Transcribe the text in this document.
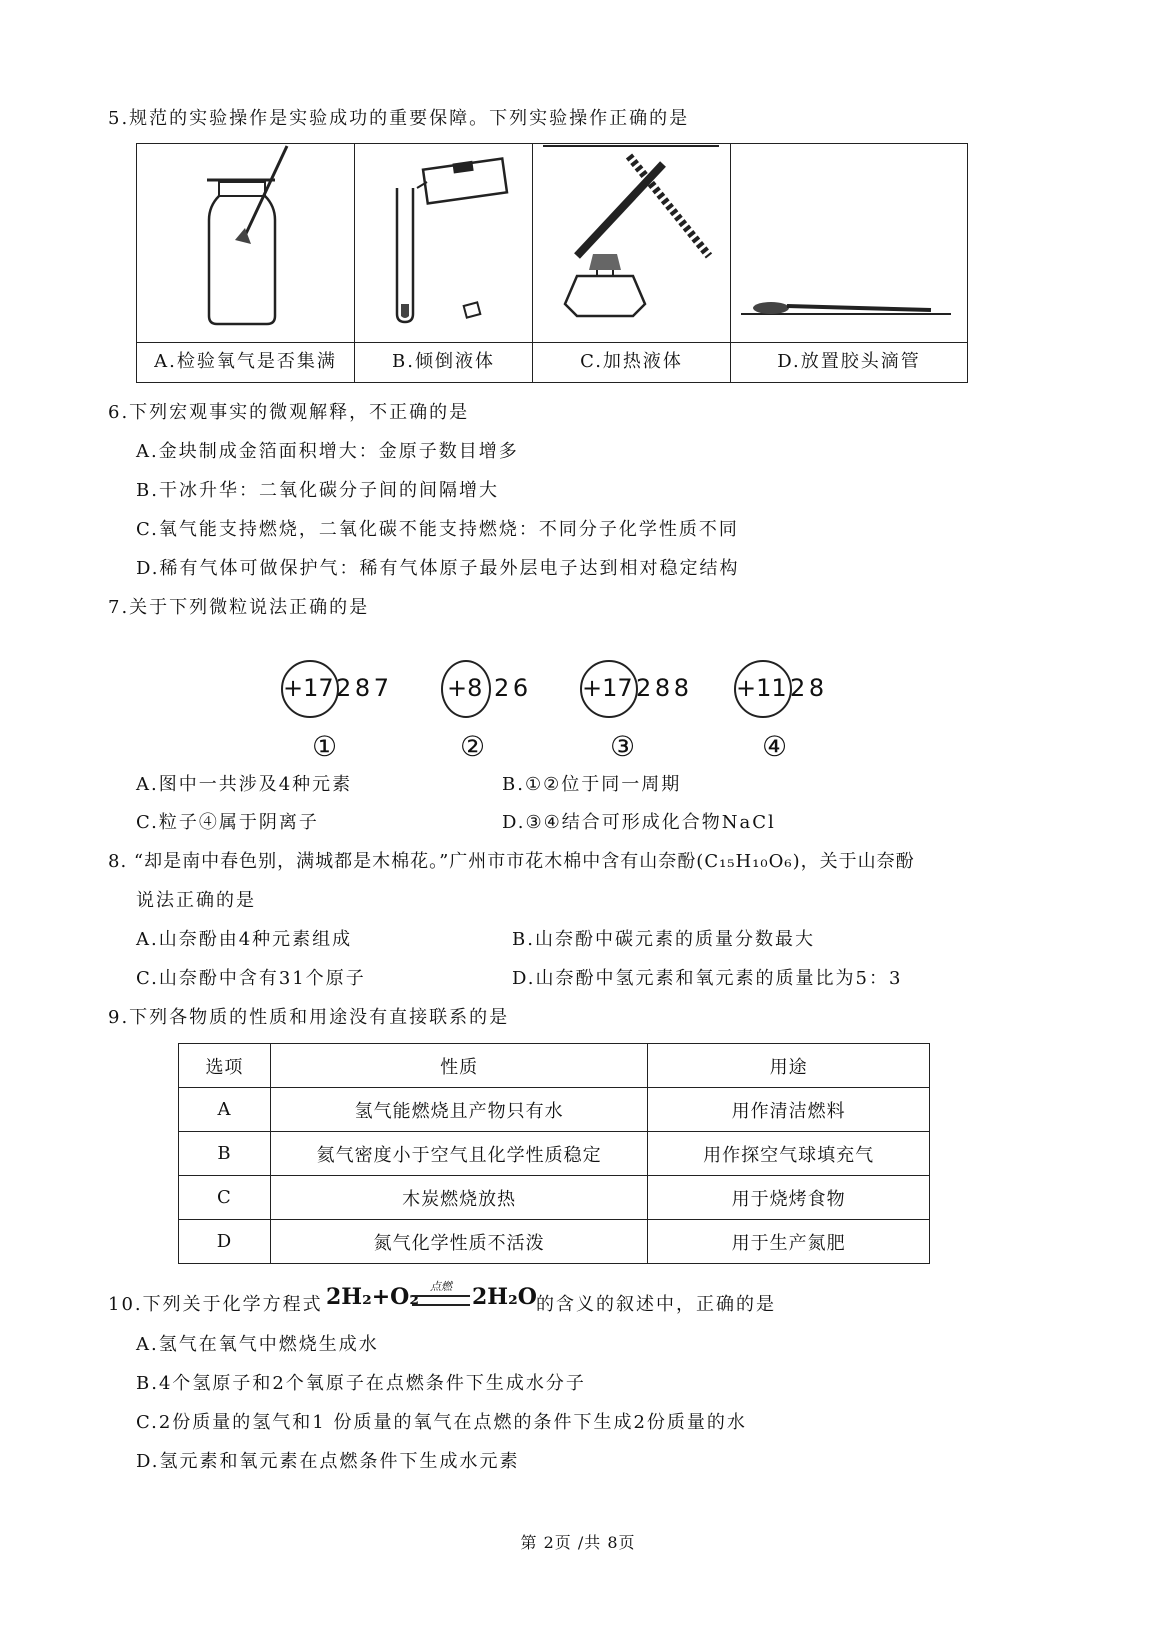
5.规范的实验操作是实验成功的重要保障。下列实验操作正确的是
A.检验氧气是否集满	B.倾倒液体	C.加热液体	D.放置胶头滴管
6.下列宏观事实的微观解释，不正确的是
A.金块制成金箔面积增大：金原子数目增多
B.干冰升华：二氧化碳分子间的间隔增大
C.氧气能支持燃烧，二氧化碳不能支持燃烧：不同分子化学性质不同
D.稀有气体可做保护气：稀有气体原子最外层电子达到相对稳定结构
7.关于下列微粒说法正确的是
+17 2 8 7
①
+8 2 6
②
+17 2 8 8
③
+11 2 8
④
A.图中一共涉及4种元素	B.①②位于同一周期
C.粒子④属于阴离子	D.③④结合可形成化合物NaCl
8. “却是南中春色别，满城都是木棉花。”广州市市花木棉中含有山奈酚(C₁₅H₁₀O₆)，关于山奈酚
说法正确的是
A.山奈酚由4种元素组成	B.山奈酚中碳元素的质量分数最大
C.山奈酚中含有31个原子	D.山奈酚中氢元素和氧元素的质量比为5：3
9.下列各物质的性质和用途没有直接联系的是
选项	性质	用途
A	氢气能燃烧且产物只有水	用作清洁燃料
B	氦气密度小于空气且化学性质稳定	用作探空气球填充气
C	木炭燃烧放热	用于烧烤食物
D	氮气化学性质不活泼	用于生产氮肥
10.下列关于化学方程式 2H₂+O₂	点燃 2H₂O 的含义的叙述中，正确的是
A.氢气在氧气中燃烧生成水
B.4个氢原子和2个氧原子在点燃条件下生成水分子
C.2份质量的氢气和1 份质量的氧气在点燃的条件下生成2份质量的水
D.氢元素和氧元素在点燃条件下生成水元素
第 2页 /共 8页
